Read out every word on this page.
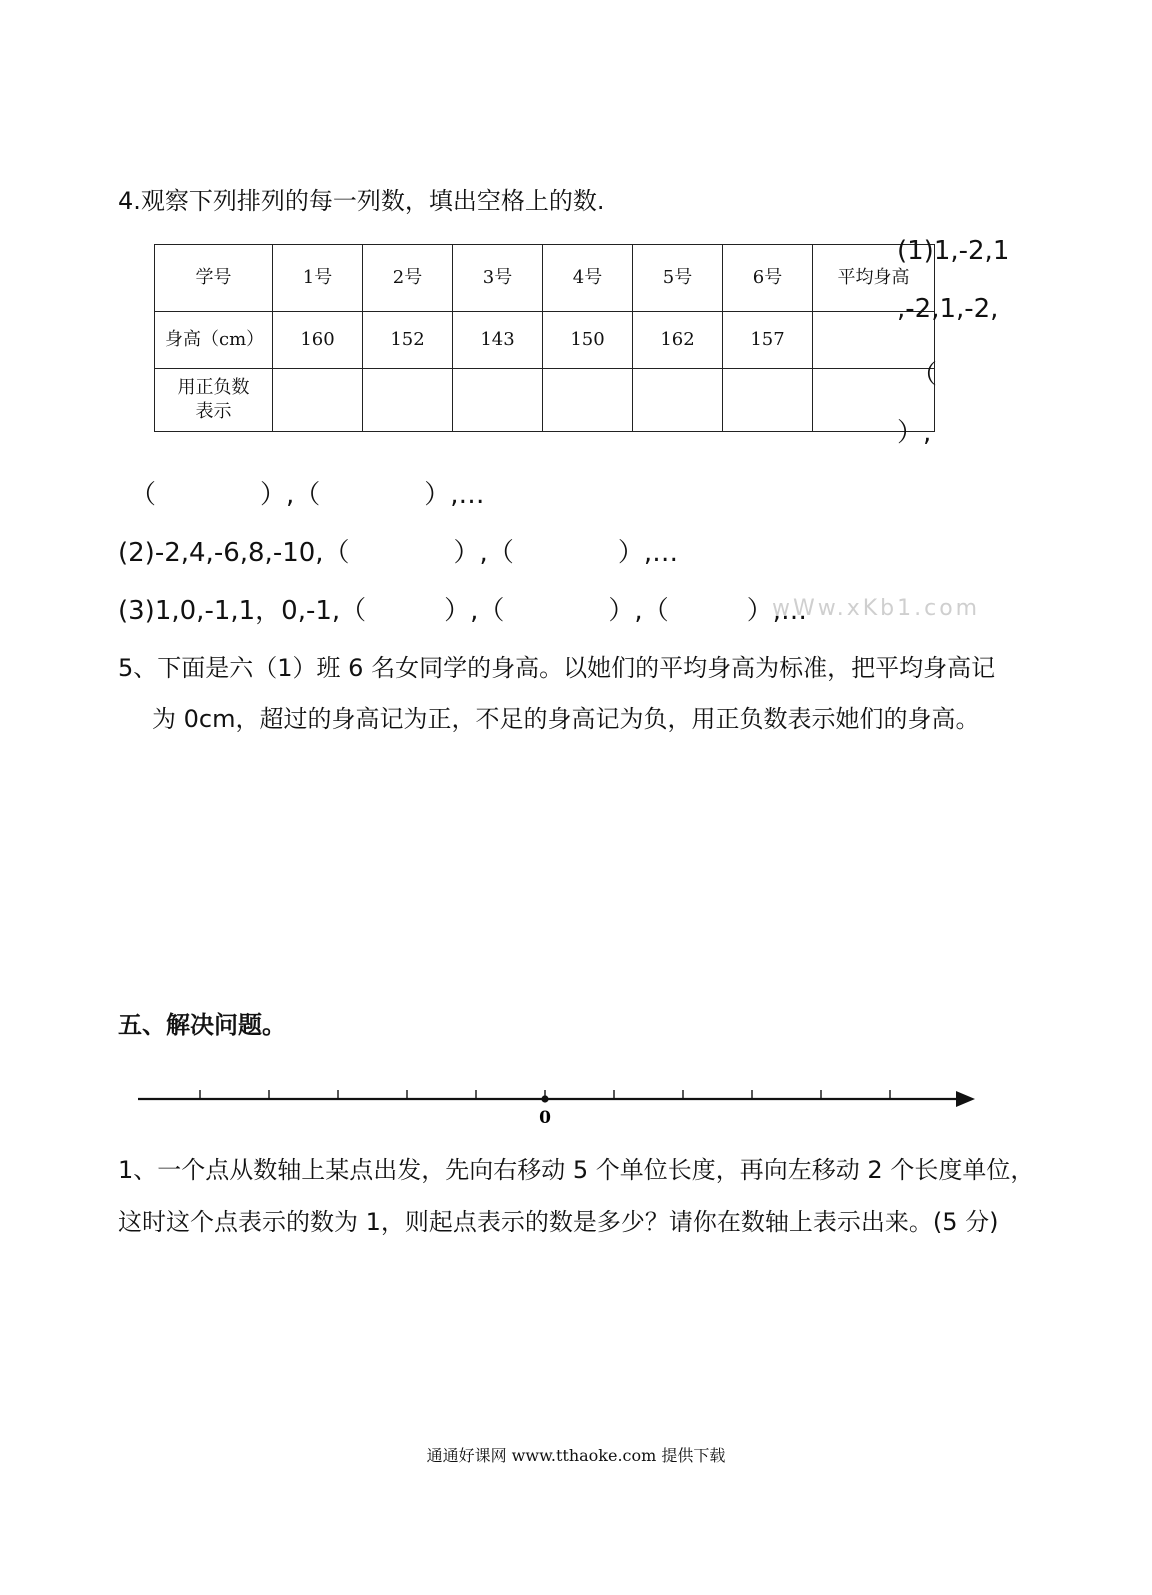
4.观察下列排列的每一列数，填出空格上的数.
学号	1号	2号	3号	4号	5号	6号	平均身高
身高（cm）	160	152	143	150	162	157	
用正负数表示							
(1)1,-2,1
,-2,1,-2,
（
）,
（　　　　）,（　　　　）,…
(2)-2,4,-6,8,-10,（　　　　）,（　　　　）,…
(3)1,0,-1,1，0,-1,（　　　）,（　　　　）,（　　　）,…
wWw.xKb1.com
5、下面是六（1）班 6 名女同学的身高。以她们的平均身高为标准，把平均身高记
为 0cm，超过的身高记为正，不足的身高记为负，用正负数表示她们的身高。
五、解决问题。
0
1、一个点从数轴上某点出发，先向右移动 5 个单位长度，再向左移动 2 个长度单位，
这时这个点表示的数为 1，则起点表示的数是多少？请你在数轴上表示出来。(5 分)
通通好课网 www.tthaoke.com 提供下载
